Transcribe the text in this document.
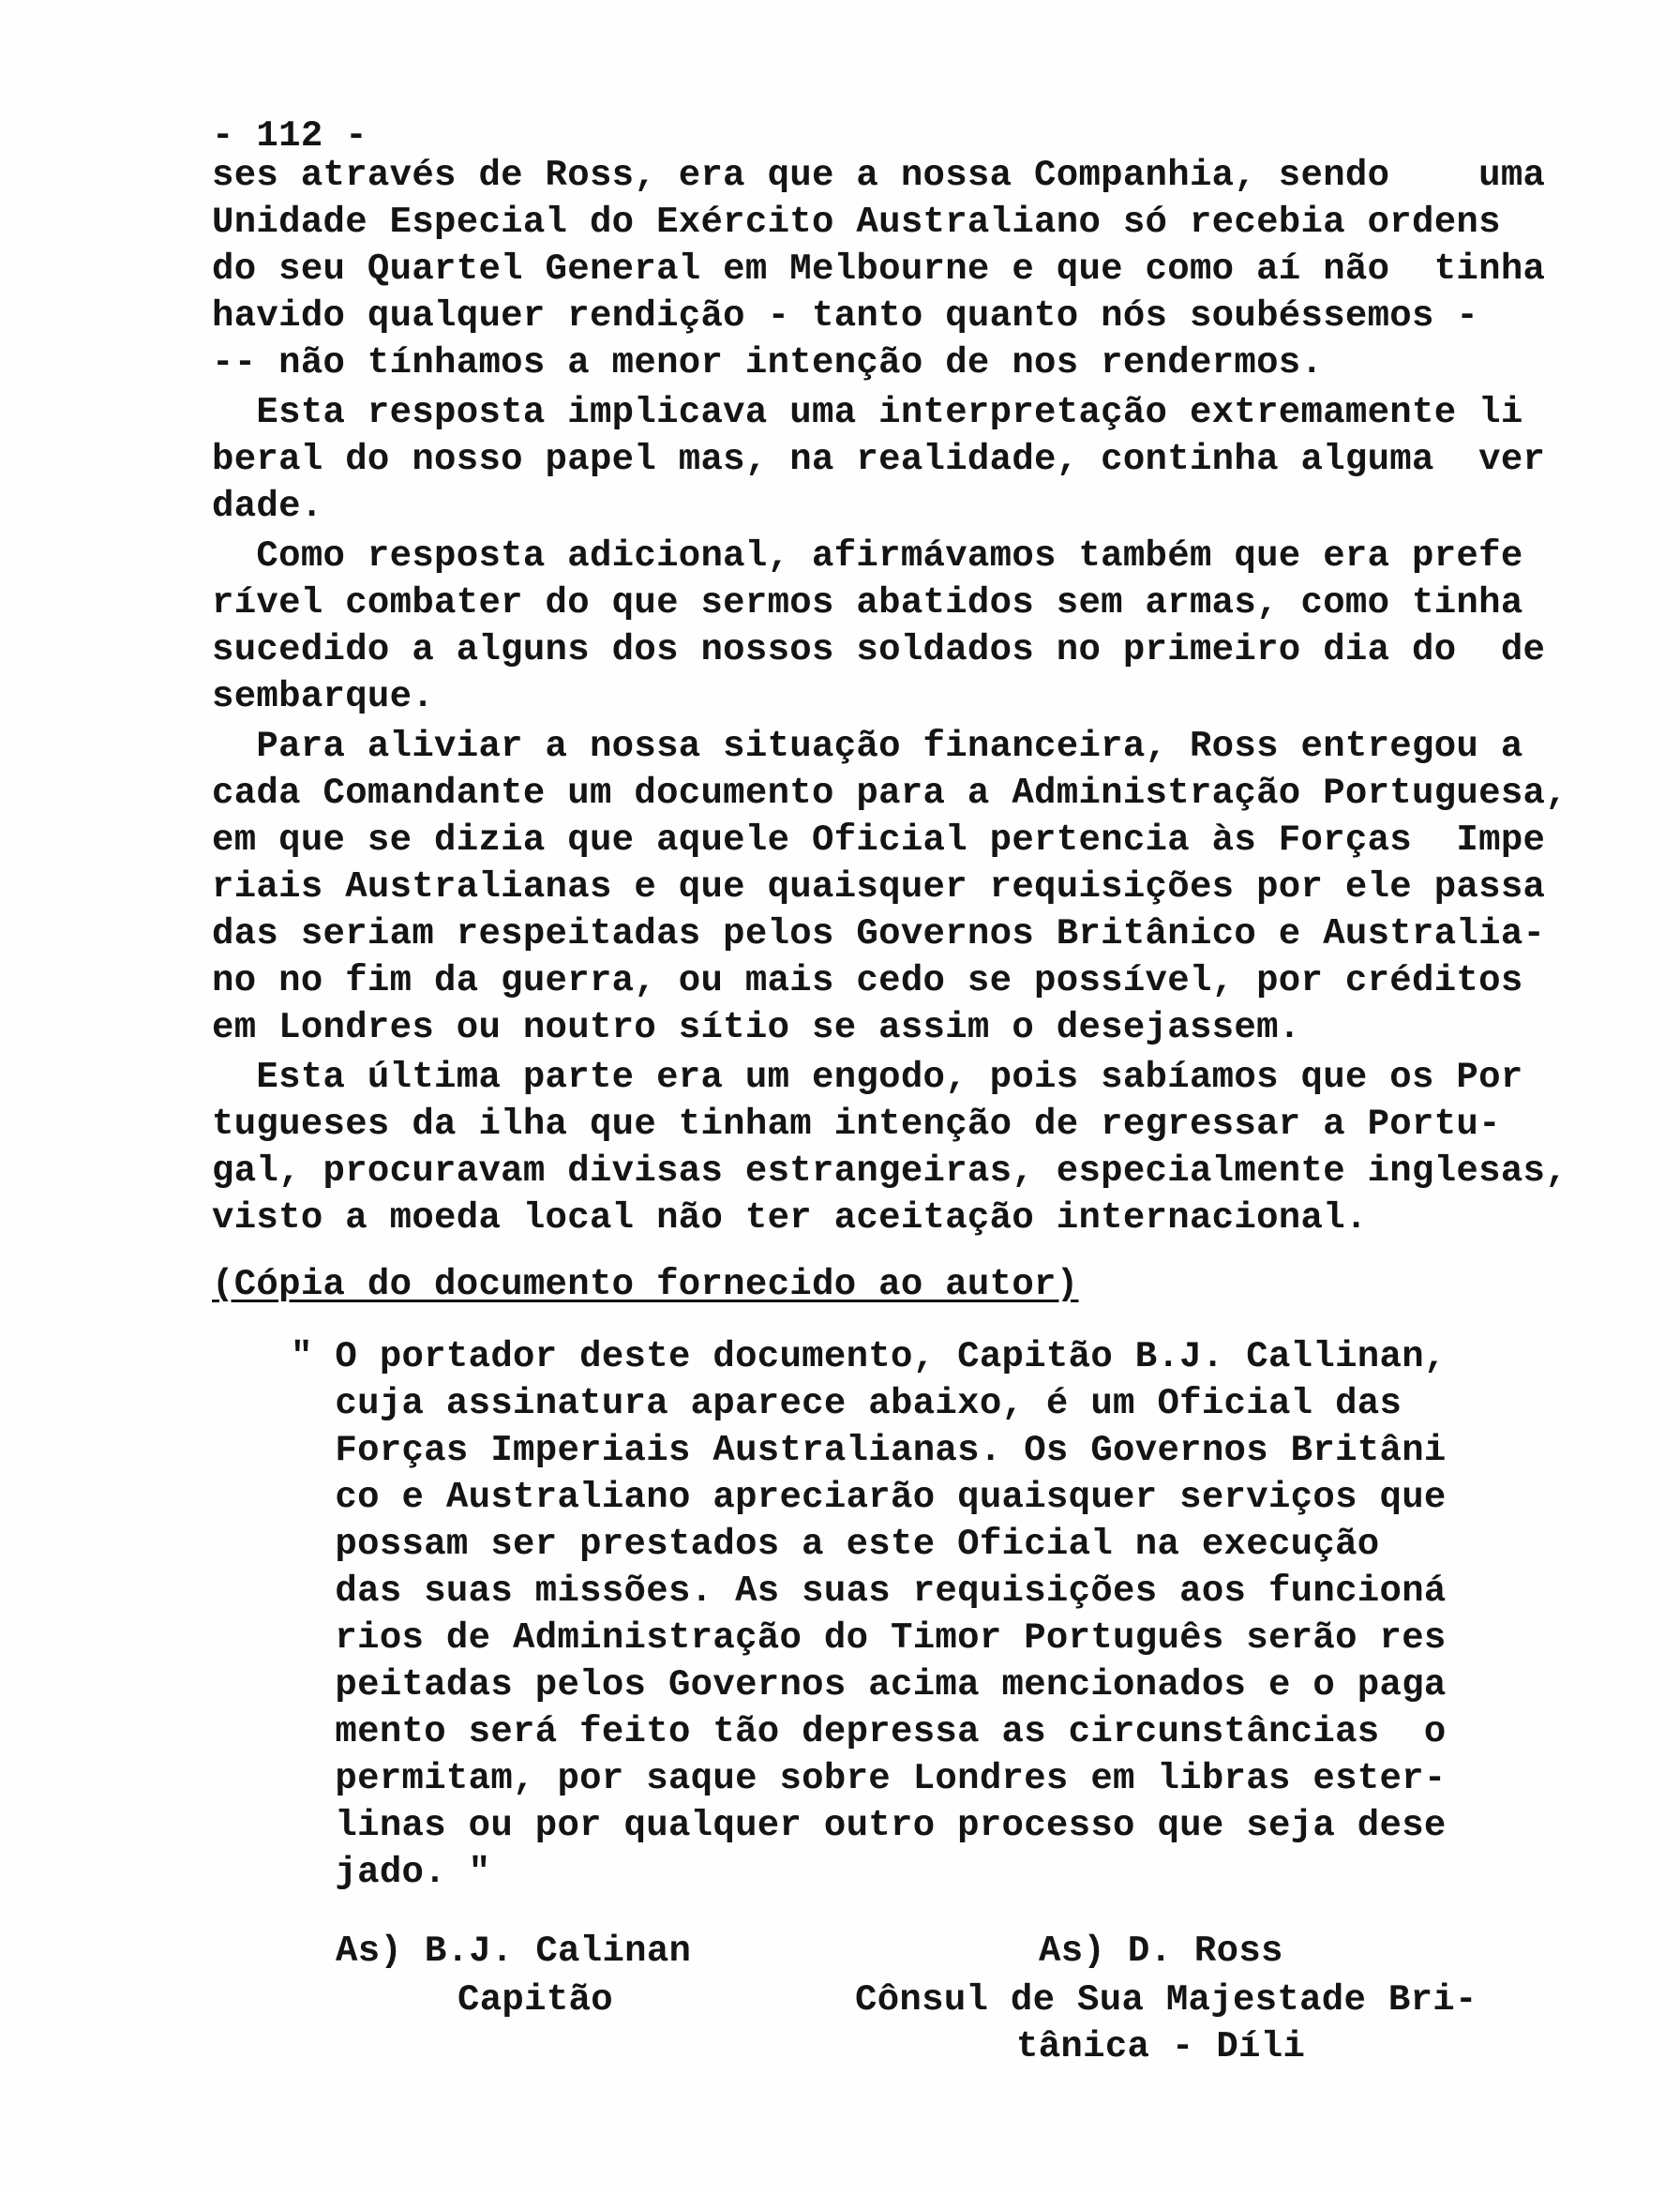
- 112 -
ses através de Ross, era que a nossa Companhia, sendo    uma
Unidade Especial do Exército Australiano só recebia ordens
do seu Quartel General em Melbourne e que como aí não  tinha
havido qualquer rendição - tanto quanto nós soubéssemos -
-- não tínhamos a menor intenção de nos rendermos.
Esta resposta implicava uma interpretação extremamente li
beral do nosso papel mas, na realidade, continha alguma  ver
dade.
Como resposta adicional, afirmávamos também que era prefe
rível combater do que sermos abatidos sem armas, como tinha
sucedido a alguns dos nossos soldados no primeiro dia do  de
sembarque.
Para aliviar a nossa situação financeira, Ross entregou a
cada Comandante um documento para a Administração Portuguesa,
em que se dizia que aquele Oficial pertencia às Forças  Impe
riais Australianas e que quaisquer requisições por ele passa
das seriam respeitadas pelos Governos Britânico e Australia-
no no fim da guerra, ou mais cedo se possível, por créditos
em Londres ou noutro sítio se assim o desejassem.
Esta última parte era um engodo, pois sabíamos que os Por
tugueses da ilha que tinham intenção de regressar a Portu-
gal, procuravam divisas estrangeiras, especialmente inglesas,
visto a moeda local não ter aceitação internacional.
(Cópia do documento fornecido ao autor)
" O portador deste documento, Capitão B.J. Callinan,
cuja assinatura aparece abaixo, é um Oficial das
Forças Imperiais Australianas. Os Governos Britâni
co e Australiano apreciarão quaisquer serviços que
possam ser prestados a este Oficial na execução
das suas missões. As suas requisições aos funcioná
rios de Administração do Timor Português serão res
peitadas pelos Governos acima mencionados e o paga
mento será feito tão depressa as circunstâncias  o
permitam, por saque sobre Londres em libras ester-
linas ou por qualquer outro processo que seja dese
jado. "
As) B.J. Calinan
Capitão
As) D. Ross
Cônsul de Sua Majestade Bri-
tânica - Díli
